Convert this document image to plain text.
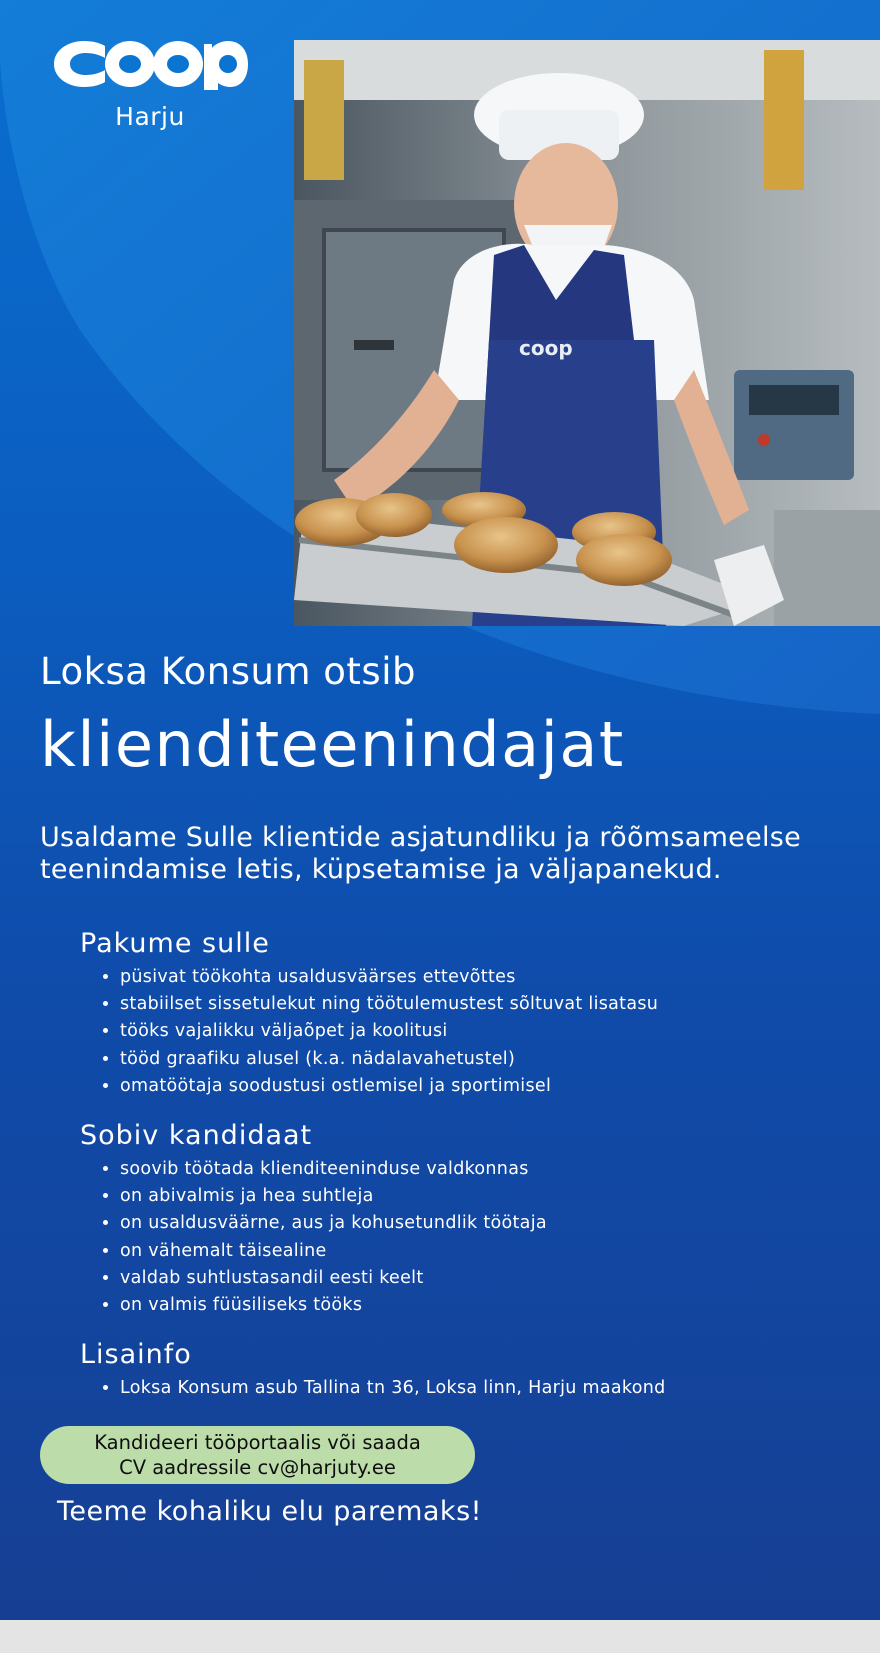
Harju
coop
Loksa Konsum otsib
klienditeenindajat
Usaldame Sulle klientide asjatundliku ja rõõmsameelse teenindamise letis, küpsetamise ja väljapanekud.
Pakume sulle
• püsivat töökohta usaldusväärses ettevõttes
• stabiilset sissetulekut ning töötulemustest sõltuvat lisatasu
• tööks vajalikku väljaõpet ja koolitusi
• tööd graafiku alusel (k.a. nädalavahetustel)
• omatöötaja soodustusi ostlemisel ja sportimisel
Sobiv kandidaat
• soovib töötada klienditeeninduse valdkonnas
• on abivalmis ja hea suhtleja
• on usaldusväärne, aus ja kohusetundlik töötaja
• on vähemalt täisealine
• valdab suhtlustasandil eesti keelt
• on valmis füüsiliseks tööks
Lisainfo
• Loksa Konsum asub Tallina tn 36, Loksa linn, Harju maakond
Kandideeri tööportaalis või saada
CV aadressile cv@harjuty.ee
Teeme kohaliku elu paremaks!
